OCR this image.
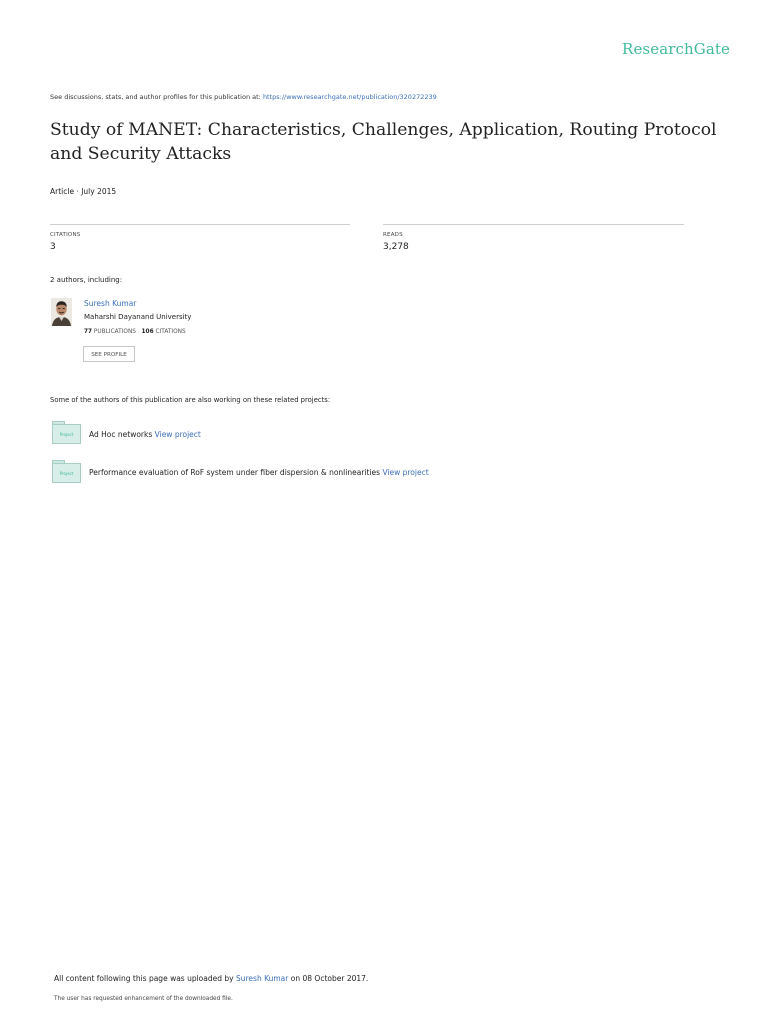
ResearchGate
See discussions, stats, and author profiles for this publication at: https://www.researchgate.net/publication/320272239
Study of MANET: Characteristics, Challenges, Application, Routing Protocol and Security Attacks
Article · July 2015
CITATIONS
3
READS
3,278
2 authors, including:
Suresh Kumar
Maharshi Dayanand University
77 PUBLICATIONS 106 CITATIONS
SEE PROFILE
Some of the authors of this publication are also working on these related projects:
Project	Ad Hoc networks View project
Project	Performance evaluation of RoF system under fiber dispersion & nonlinearities View project
All content following this page was uploaded by Suresh Kumar on 08 October 2017.
The user has requested enhancement of the downloaded file.
